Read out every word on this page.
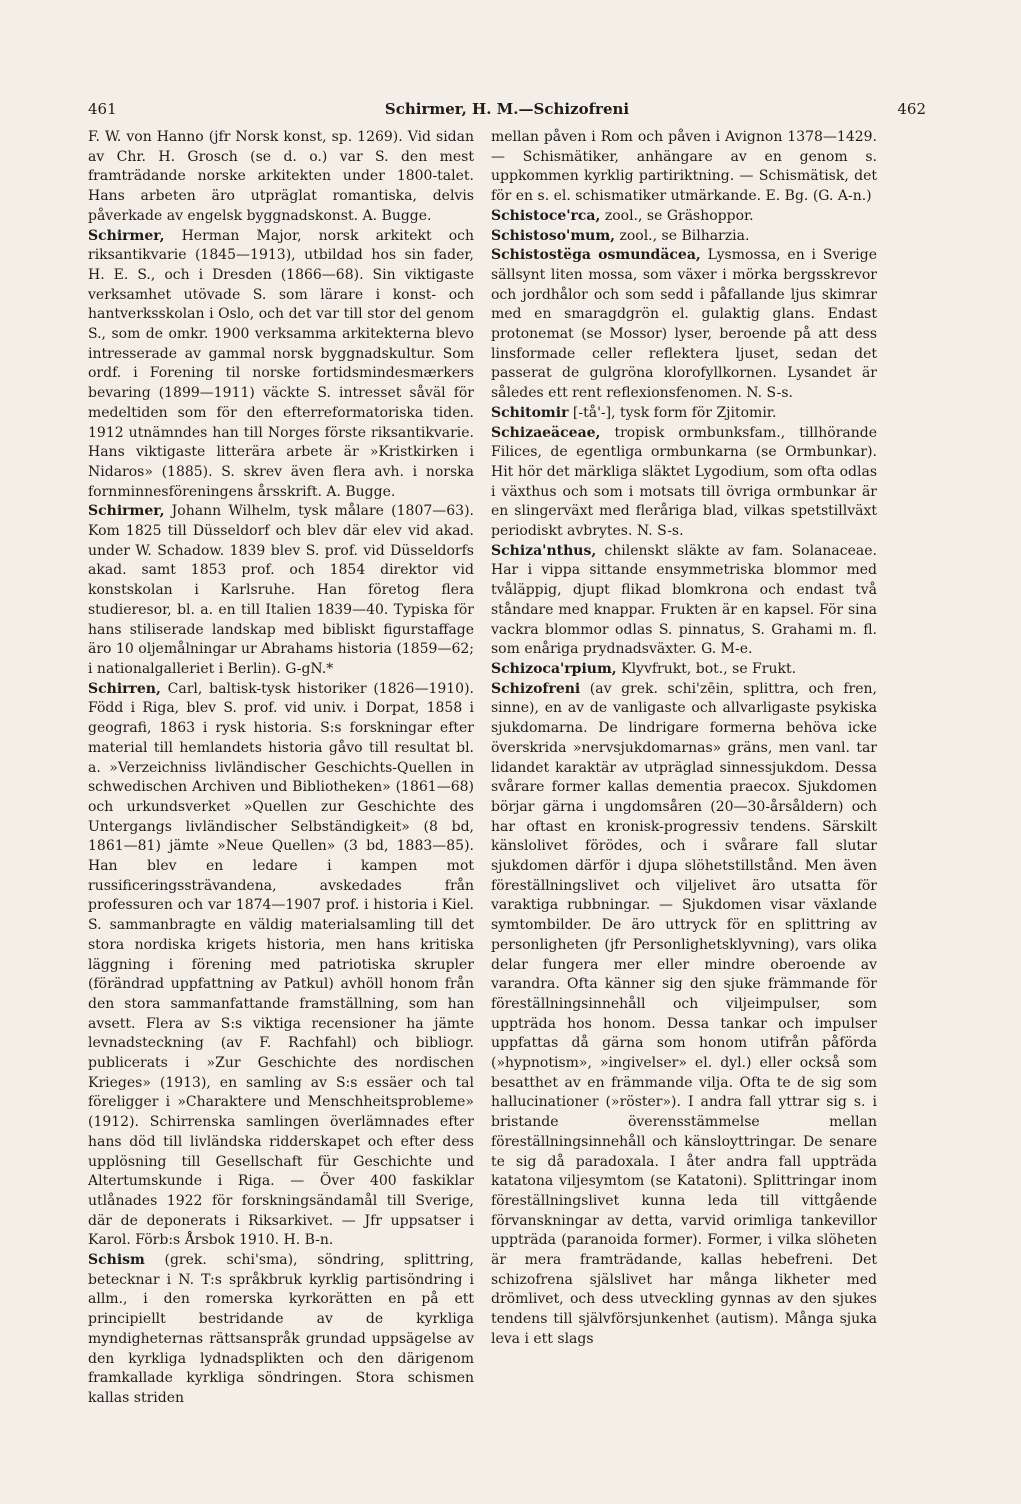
461	Schirmer, H. M.—Schizofreni	462

F. W. von Hanno (jfr Norsk konst, sp. 1269). Vid sidan av Chr. H. Grosch (se d. o.) var S. den mest framträdande norske arkitekten under 1800-talet. Hans arbeten äro utpräglat romantiska, delvis påverkade av engelsk byggnadskonst. A. Bugge.

Schirmer, Herman Major, norsk arkitekt och riksantikvarie (1845—1913), utbildad hos sin fader, H. E. S., och i Dresden (1866—68). Sin viktigaste verksamhet utövade S. som lärare i konst- och hantverksskolan i Oslo, och det var till stor del genom S., som de omkr. 1900 verksamma arkitekterna blevo intresserade av gammal norsk byggnadskultur. Som ordf. i Forening til norske fortidsmindesmærkers bevaring (1899—1911) väckte S. intresset såväl för medeltiden som för den efterreformatoriska tiden. 1912 utnämndes han till Norges förste riksantikvarie. Hans viktigaste litterära arbete är »Kristkirken i Nidaros» (1885). S. skrev även flera avh. i norska fornminnesföreningens årsskrift. A. Bugge.

Schirmer, Johann Wilhelm, tysk målare (1807—63). Kom 1825 till Düsseldorf och blev där elev vid akad. under W. Schadow. 1839 blev S. prof. vid Düsseldorfs akad. samt 1853 prof. och 1854 direktor vid konstskolan i Karlsruhe. Han företog flera studieresor, bl. a. en till Italien 1839—40. Typiska för hans stiliserade landskap med bibliskt figurstaffage äro 10 oljemålningar ur Abrahams historia (1859—62; i nationalgalleriet i Berlin). G-gN.*

Schirren, Carl, baltisk-tysk historiker (1826—1910). Född i Riga, blev S. prof. vid univ. i Dorpat, 1858 i geografi, 1863 i rysk historia. S:s forskningar efter material till hemlandets historia gåvo till resultat bl. a. »Verzeichniss livländischer Geschichts-Quellen in schwedischen Archiven und Bibliotheken» (1861—68) och urkundsverket »Quellen zur Geschichte des Untergangs livländischer Selbständigkeit» (8 bd, 1861—81) jämte »Neue Quellen» (3 bd, 1883—85). Han blev en ledare i kampen mot russificeringssträvandena, avskedades från professuren och var 1874—1907 prof. i historia i Kiel. S. sammanbragte en väldig materialsamling till det stora nordiska krigets historia, men hans kritiska läggning i förening med patriotiska skrupler (förändrad uppfattning av Patkul) avhöll honom från den stora sammanfattande framställning, som han avsett. Flera av S:s viktiga recensioner ha jämte levnadsteckning (av F. Rachfahl) och bibliogr. publicerats i »Zur Geschichte des nordischen Krieges» (1913), en samling av S:s essäer och tal föreligger i »Charaktere und Menschheitsprobleme» (1912). Schirrenska samlingen överlämnades efter hans död till livländska ridderskapet och efter dess upplösning till Gesellschaft für Geschichte und Altertumskunde i Riga. — Över 400 faskiklar utlånades 1922 för forskningsändamål till Sverige, där de deponerats i Riksarkivet. — Jfr uppsatser i Karol. Förb:s Årsbok 1910. H. B-n.

Schism (grek. schi'sma), söndring, splittring, betecknar i N. T:s språkbruk kyrklig partisöndring i allm., i den romerska kyrkorätten en på ett principiellt bestridande av de kyrkliga myndigheternas rättsanspråk grundad uppsägelse av den kyrkliga lydnadsplikten och den därigenom framkallade kyrkliga söndringen. Stora schismen kallas striden

mellan påven i Rom och påven i Avignon 1378—1429. — Schismätiker, anhängare av en genom s. uppkommen kyrklig partiriktning. — Schismätisk, det för en s. el. schismatiker utmärkande. E. Bg. (G. A-n.)

Schistoce'rca, zool., se Gräshoppor.

Schistoso'mum, zool., se Bilharzia.

Schistostëga osmundäcea, Lysmossa, en i Sverige sällsynt liten mossa, som växer i mörka bergsskrevor och jordhålor och som sedd i påfallande ljus skimrar med en smaragdgrön el. gulaktig glans. Endast protonemat (se Mossor) lyser, beroende på att dess linsformade celler reflektera ljuset, sedan det passerat de gulgröna klorofyllkornen. Lysandet är således ett rent reflexionsfenomen. N. S-s.

Schitomir [-tå'-], tysk form för Zjitomir.

Schizaeäceae, tropisk ormbunksfam., tillhörande Filices, de egentliga ormbunkarna (se Ormbunkar). Hit hör det märkliga släktet Lygodium, som ofta odlas i växthus och som i motsats till övriga ormbunkar är en slingerväxt med fleråriga blad, vilkas spetstillväxt periodiskt avbrytes. N. S-s.

Schiza'nthus, chilenskt släkte av fam. Solanaceae. Har i vippa sittande ensymmetriska blommor med tvåläppig, djupt flikad blomkrona och endast två ståndare med knappar. Frukten är en kapsel. För sina vackra blommor odlas S. pinnatus, S. Grahami m. fl. som enåriga prydnadsväxter. G. M-e.

Schizoca'rpium, Klyvfrukt, bot., se Frukt.

Schizofreni (av grek. schi'zēin, splittra, och fren, sinne), en av de vanligaste och allvarligaste psykiska sjukdomarna. De lindrigare formerna behöva icke överskrida »nervsjukdomarnas» gräns, men vanl. tar lidandet karaktär av utpräglad sinnessjukdom. Dessa svårare former kallas dementia praecox. Sjukdomen börjar gärna i ungdomsåren (20—30-årsåldern) och har oftast en kronisk-progressiv tendens. Särskilt känslolivet förödes, och i svårare fall slutar sjukdomen därför i djupa slöhetstillstånd. Men även föreställningslivet och viljelivet äro utsatta för varaktiga rubbningar. — Sjukdomen visar växlande symtombilder. De äro uttryck för en splittring av personligheten (jfr Personlighetsklyvning), vars olika delar fungera mer eller mindre oberoende av varandra. Ofta känner sig den sjuke främmande för föreställningsinnehåll och viljeimpulser, som uppträda hos honom. Dessa tankar och impulser uppfattas då gärna som honom utifrån påförda (»hypnotism», »ingivelser» el. dyl.) eller också som besatthet av en främmande vilja. Ofta te de sig som hallucinationer (»röster»). I andra fall yttrar sig s. i bristande överensstämmelse mellan föreställningsinnehåll och känsloyttringar. De senare te sig då paradoxala. I åter andra fall uppträda katatona viljesymtom (se Katatoni). Splittringar inom föreställningslivet kunna leda till vittgående förvanskningar av detta, varvid orimliga tankevillor uppträda (paranoida former). Former, i vilka slöheten är mera framträdande, kallas hebefreni. Det schizofrena själslivet har många likheter med drömlivet, och dess utveckling gynnas av den sjukes tendens till självförsjunkenhet (autism). Många sjuka leva i ett slags
